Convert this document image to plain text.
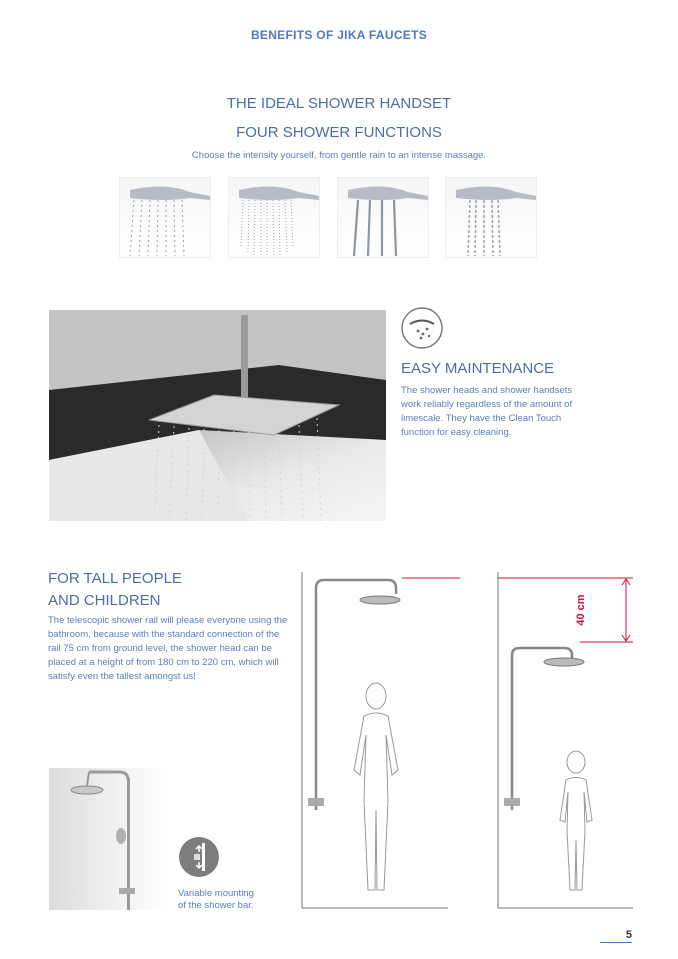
BENEFITS OF JIKA FAUCETS
THE IDEAL SHOWER HANDSET
FOUR SHOWER FUNCTIONS
Choose the intensity yourself, from gentle rain to an intense massage.
EASY MAINTENANCE
The shower heads and shower handsets work reliably regardless of the amount of limescale. They have the Clean Touch function for easy cleaning.
FOR TALL PEOPLE
AND CHILDREN
The telescopic shower rail will please everyone using the bathroom, because with the standard connection of the rail 75 cm from ground level, the shower head can be placed at a height of from 180 cm to 220 cm, which will satisfy even the tallest amongst us!
Variable mounting
of the shower bar.
40 cm
5
